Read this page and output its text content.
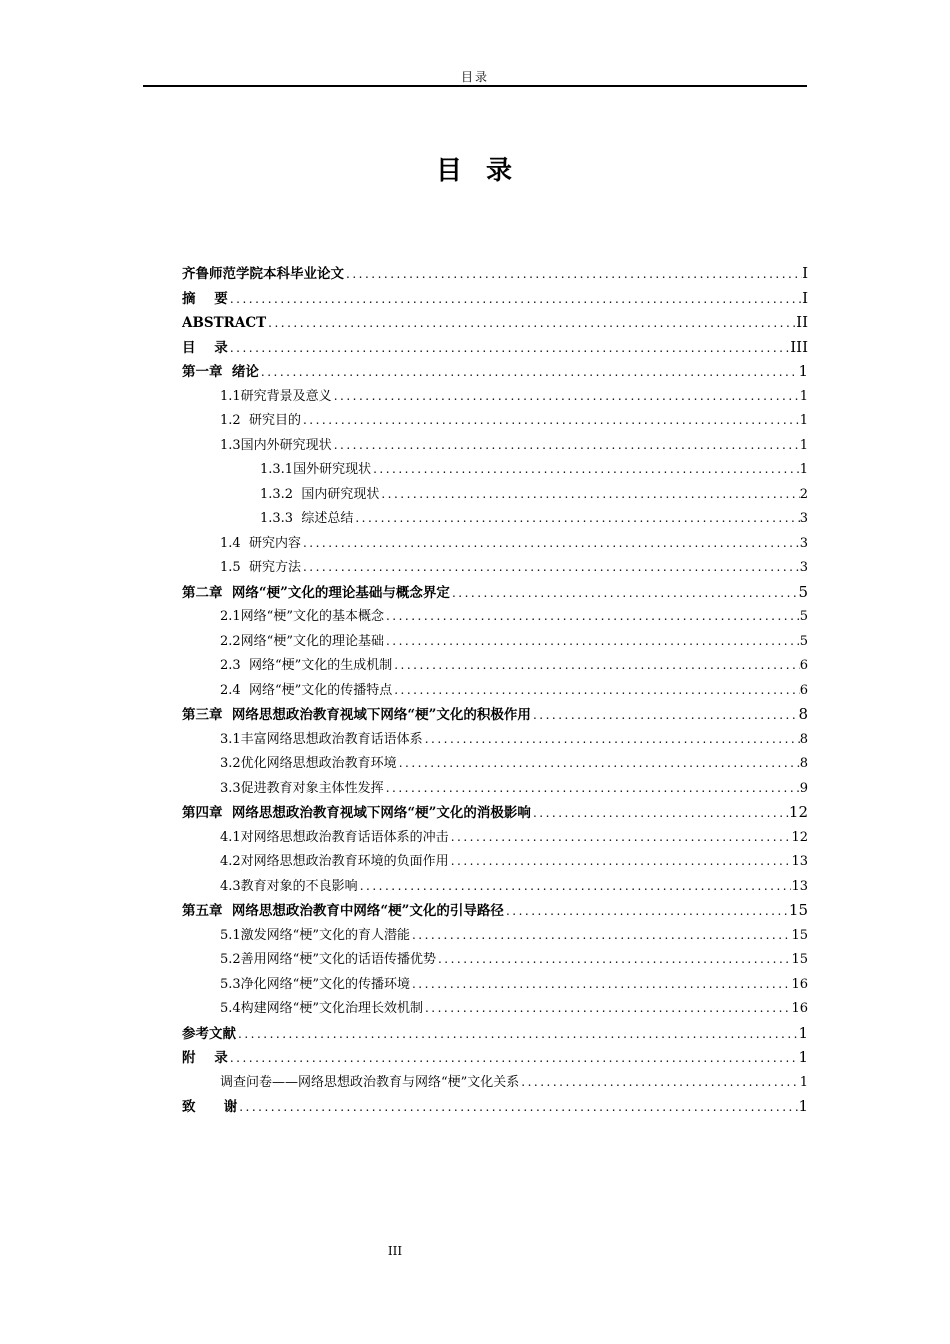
目录
目  录
齐鲁师范学院本科毕业论文 .....	I
摘    要 .....	I
ABSTRACT .....	II
目    录 .....	III
第一章  绪论 .....	1
1.1研究背景及意义 .....	1
1.2  研究目的 .....	1
1.3国内外研究现状 .....	1
1.3.1国外研究现状 .....	1
1.3.2  国内研究现状 .....	2
1.3.3  综述总结 .....	3
1.4  研究内容 .....	3
1.5  研究方法 .....	3
第二章  网络“梗”文化的理论基础与概念界定 .....	5
2.1网络“梗”文化的基本概念 .....	5
2.2网络“梗”文化的理论基础 .....	5
2.3  网络“梗”文化的生成机制 .....	6
2.4  网络“梗”文化的传播特点 .....	6
第三章  网络思想政治教育视域下网络“梗”文化的积极作用 .....	8
3.1丰富网络思想政治教育话语体系 .....	8
3.2优化网络思想政治教育环境 .....	8
3.3促进教育对象主体性发挥 .....	9
第四章  网络思想政治教育视域下网络“梗”文化的消极影响 .....	12
4.1对网络思想政治教育话语体系的冲击 .....	12
4.2对网络思想政治教育环境的负面作用 .....	13
4.3教育对象的不良影响 .....	13
第五章  网络思想政治教育中网络“梗”文化的引导路径 .....	15
5.1激发网络“梗”文化的育人潜能 .....	15
5.2善用网络“梗”文化的话语传播优势 .....	15
5.3净化网络“梗”文化的传播环境 .....	16
5.4构建网络“梗”文化治理长效机制 .....	16
参考文献 .....	1
附    录 .....	1
调查问卷——网络思想政治教育与网络“梗”文化关系 .....	1
致      谢 .....	1
III
